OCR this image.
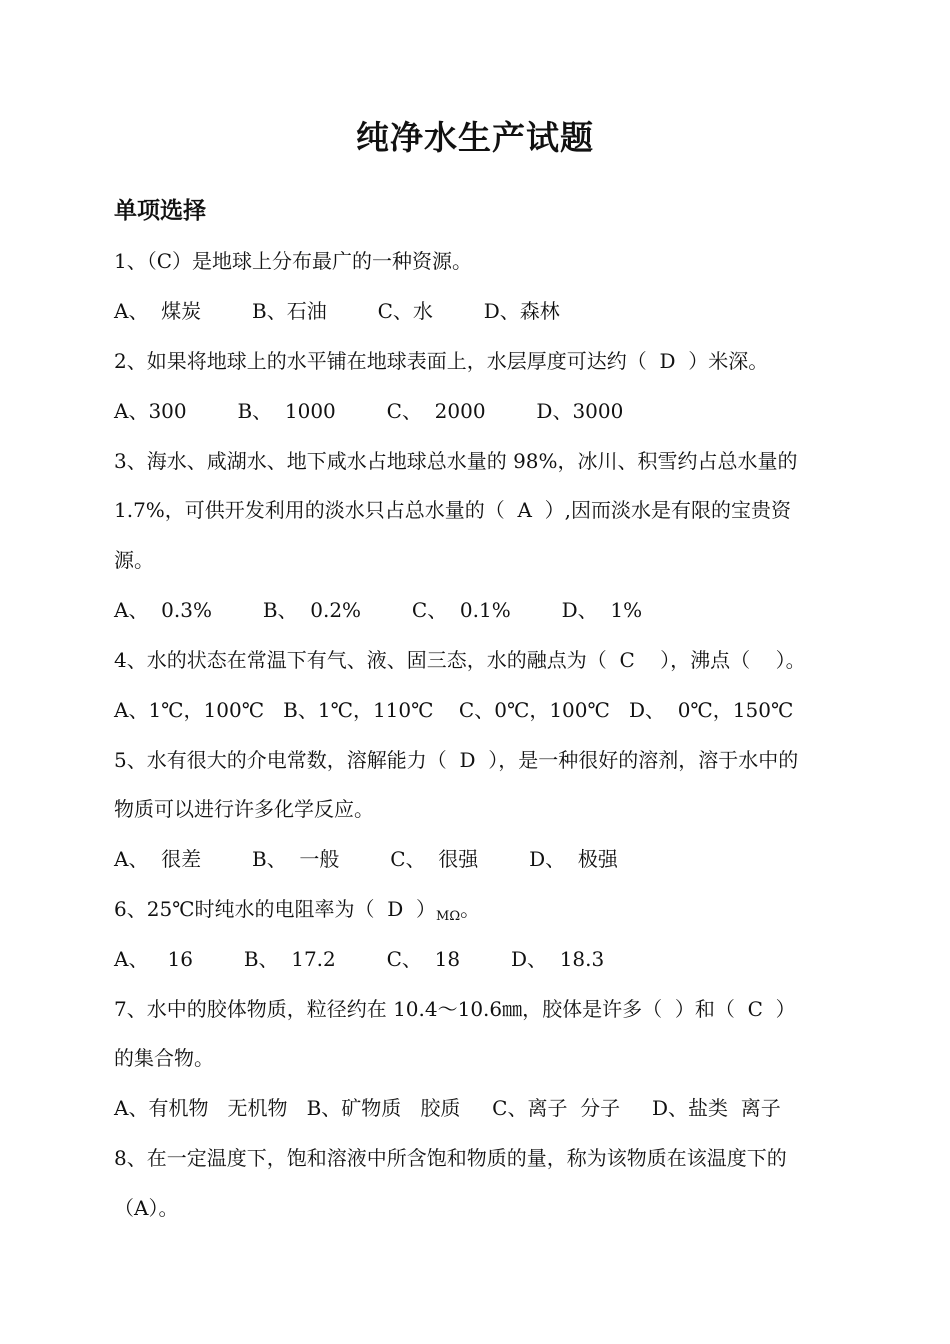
纯净水生产试题
单项选择
1、（C）是地球上分布最广的一种资源。
A、  煤炭        B、石油        C、水        D、森林
2、如果将地球上的水平铺在地球表面上，水层厚度可达约（  D  ）米深。
A、300        B、  1000        C、  2000        D、3000
3、海水、咸湖水、地下咸水占地球总水量的 98%，冰川、积雪约占总水量的
1.7%，可供开发利用的淡水只占总水量的（  A  ）,因而淡水是有限的宝贵资
源。
A、  0.3%        B、  0.2%        C、  0.1%        D、  1%
4、水的状态在常温下有气、液、固三态，水的融点为（  C    ），沸点（    ）。
A、1℃，100℃   B、1℃，110℃    C、0℃，100℃   D、  0℃，150℃
5、水有很大的介电常数，溶解能力（  D  ），是一种很好的溶剂，溶于水中的
物质可以进行许多化学反应。
A、  很差        B、  一般        C、  很强        D、  极强
6、25℃时纯水的电阻率为（  D  ）$_{M\Omega}$。
A、   16        B、  17.2        C、  18        D、  18.3
7、水中的胶体物质，粒径约在 10.4～10.6㎜，胶体是许多（  ）和（  C  ）
的集合物。
A、有机物   无机物   B、矿物质   胶质     C、离子  分子     D、盐类  离子
8、在一定温度下，饱和溶液中所含饱和物质的量，称为该物质在该温度下的
（A）。
